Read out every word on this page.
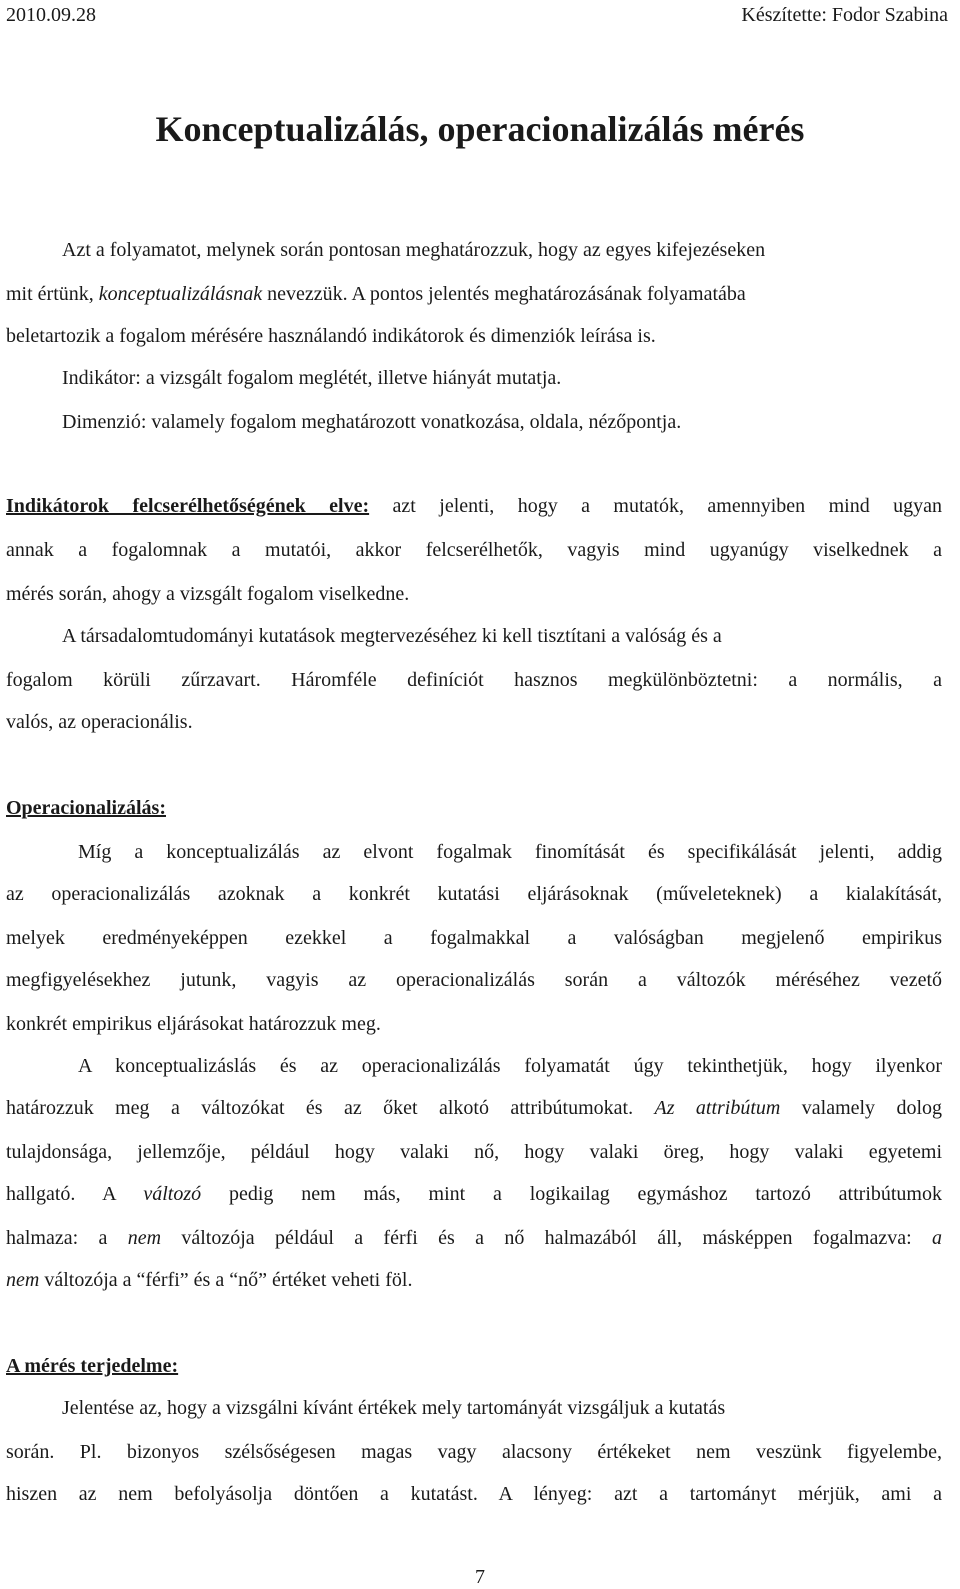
2010.09.28	Készítette: Fodor Szabina
Konceptualizálás, operacionalizálás mérés
Azt a folyamatot, melynek során pontosan meghatározzuk, hogy az egyes kifejezéseken
mit értünk, konceptualizálásnak nevezzük. A pontos jelentés meghatározásának folyamatába
beletartozik a fogalom mérésére használandó indikátorok és dimenziók leírása is.
Indikátor: a vizsgált fogalom meglétét, illetve hiányát mutatja.
Dimenzió: valamely fogalom meghatározott vonatkozása, oldala, nézőpontja.
Indikátorok felcserélhetőségének elve: azt jelenti, hogy a mutatók, amennyiben mind ugyan
annak a fogalomnak a mutatói, akkor felcserélhetők, vagyis mind ugyanúgy viselkednek a
mérés során, ahogy a vizsgált fogalom viselkedne.
A társadalomtudományi kutatások megtervezéséhez ki kell tisztítani a valóság és a
fogalom körüli zűrzavart. Háromféle definíciót hasznos megkülönböztetni: a normális, a
valós, az operacionális.
Operacionalizálás:
Míg a konceptualizálás az elvont fogalmak finomítását és specifikálását jelenti, addig
az operacionalizálás azoknak a konkrét kutatási eljárásoknak (műveleteknek) a kialakítását,
melyek eredményeképpen ezekkel a fogalmakkal a valóságban megjelenő empirikus
megfigyelésekhez jutunk, vagyis az operacionalizálás során a változók méréséhez vezető
konkrét empirikus eljárásokat határozzuk meg.
A konceptualizáslás és az operacionalizálás folyamatát úgy tekinthetjük, hogy ilyenkor
határozzuk meg a változókat és az őket alkotó attribútumokat. Az attribútum valamely dolog
tulajdonsága, jellemzője, például hogy valaki nő, hogy valaki öreg, hogy valaki egyetemi
hallgató. A változó pedig nem más, mint a logikailag egymáshoz tartozó attribútumok
halmaza: a nem változója például a férfi és a nő halmazából áll, másképpen fogalmazva: a
nem változója a “férfi” és a “nő” értéket veheti föl.
A mérés terjedelme:
Jelentése az, hogy a vizsgálni kívánt értékek mely tartományát vizsgáljuk a kutatás
során. Pl. bizonyos szélsőségesen magas vagy alacsony értékeket nem veszünk figyelembe,
hiszen az nem befolyásolja döntően a kutatást. A lényeg: azt a tartományt mérjük, ami a
7
